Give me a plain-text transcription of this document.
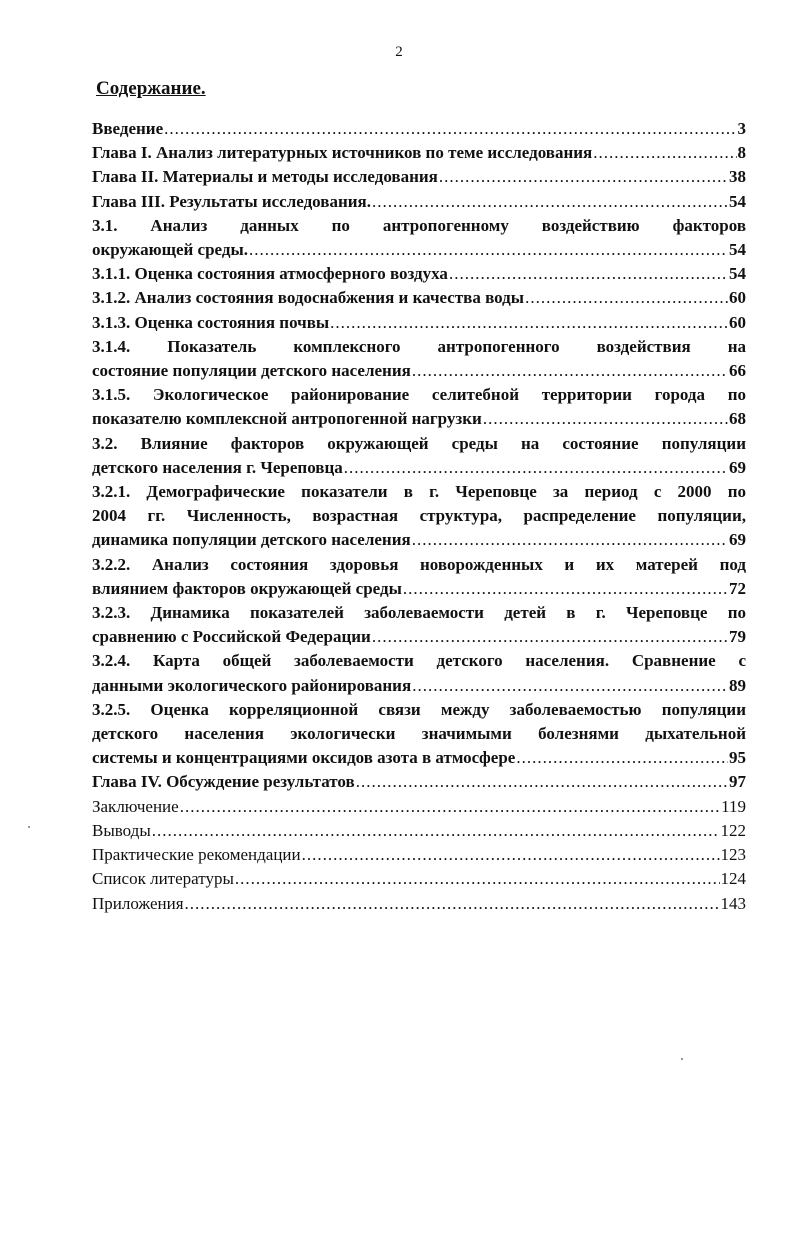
2
Содержание.
Введение .....	3
Глава I. Анализ литературных источников по теме исследования .....	8
Глава II. Материалы и методы исследования .....	38
Глава III. Результаты исследования. .....	54
3.1. Анализ данных по антропогенному воздействию факторов
окружающей среды. .....	54
3.1.1. Оценка состояния атмосферного воздуха .....	54
3.1.2. Анализ состояния водоснабжения и качества воды .....	60
3.1.3. Оценка состояния почвы .....	60
3.1.4. Показатель комплексного антропогенного воздействия на
состояние популяции детского населения .....	66
3.1.5. Экологическое районирование селитебной территории города по
показателю комплексной антропогенной нагрузки .....	68
3.2. Влияние факторов окружающей среды на состояние популяции
детского населения г. Череповца .....	69
3.2.1. Демографические показатели в г. Череповце за период с 2000 по
2004 гг. Численность, возрастная структура, распределение популяции,
динамика популяции детского населения .....	69
3.2.2. Анализ состояния здоровья новорожденных и их матерей под
влиянием факторов окружающей среды .....	72
3.2.3. Динамика показателей заболеваемости детей в г. Череповце по
сравнению с Российской Федерации .....	79
3.2.4. Карта общей заболеваемости детского населения. Сравнение с
данными экологического районирования .....	89
3.2.5. Оценка корреляционной связи между заболеваемостью популяции
детского населения экологически значимыми болезнями дыхательной
системы и концентрациями оксидов азота в атмосфере .....	95
Глава IV. Обсуждение результатов .....	97
Заключение .....	119
Выводы .....	122
Практические рекомендации .....	123
Список литературы .....	124
Приложения .....	143
